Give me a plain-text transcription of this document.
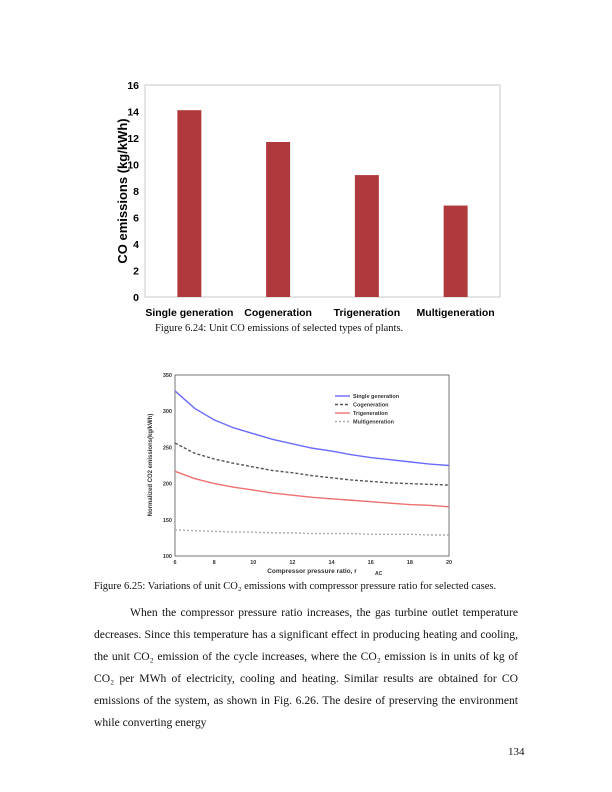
0
2
4
6
8
10
12
14
16
Single generation Cogeneration Trigeneration Multigeneration
CO emissions (kg/kWh)
Figure 6.24: Unit CO emissions of selected types of plants.
6	8	10	12	14	16	18	20
100
150
200
250
300
350
Compressor pressure ratio, r	AC
Normalized CO2 emissions(kg/kWh)
Single generation
Cogeneration
Trigeneration
Multigeneration
Figure 6.25: Variations of unit CO₂ emissions with compressor pressure ratio for selected cases.

When the compressor pressure ratio increases, the gas turbine outlet temperature decreases. Since this temperature has a significant effect in producing heating and cooling, the unit CO₂ emission of the cycle increases, where the CO₂ emission is in units of kg of CO₂ per MWh of electricity, cooling and heating. Similar results are obtained for CO emissions of the system, as shown in Fig. 6.26. The desire of preserving the environment while converting energy

134
